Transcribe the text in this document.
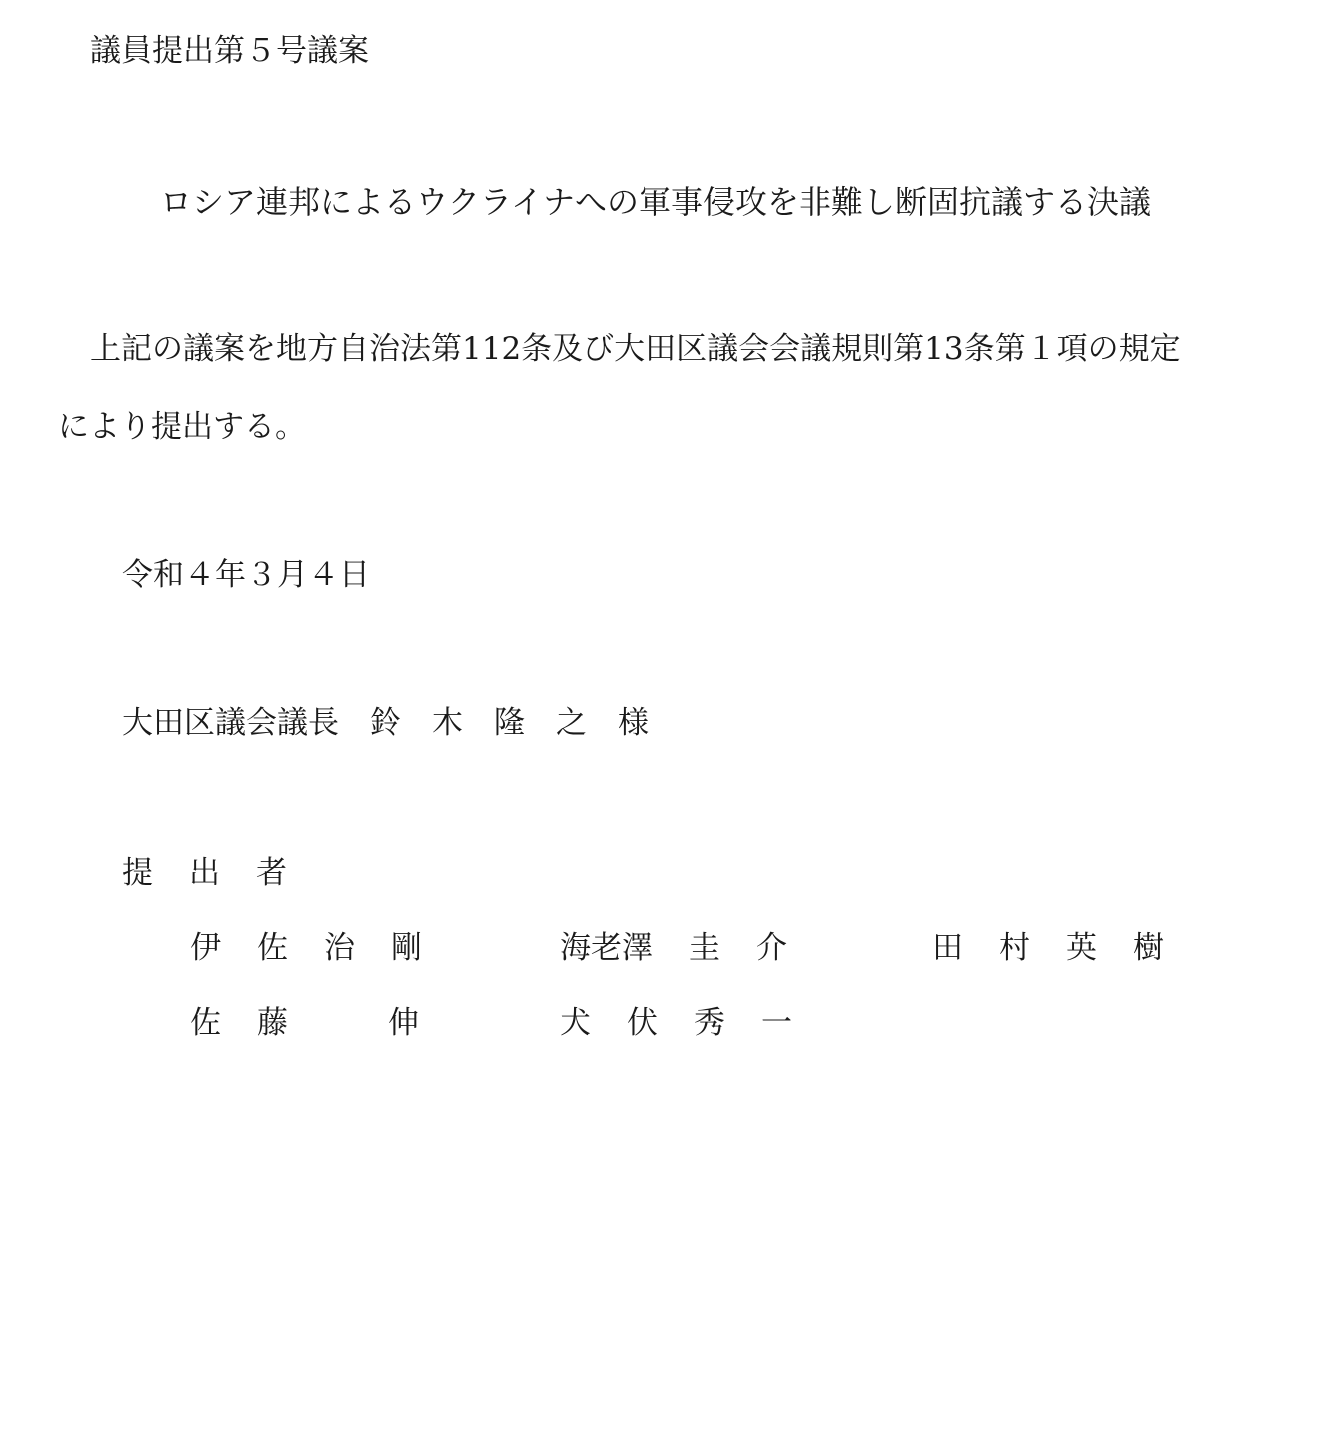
議員提出第５号議案
ロシア連邦によるウクライナへの軍事侵攻を非難し断固抗議する決議

上記の議案を地方自治法第112条及び大田区議会会議規則第13条第１項の規定

により提出する。

令和４年３月４日
大田区議会議長　鈴　木　隆　之　様
提出者
伊佐治剛	海老澤 圭介	田村英樹
佐藤 伸	犬伏秀一
